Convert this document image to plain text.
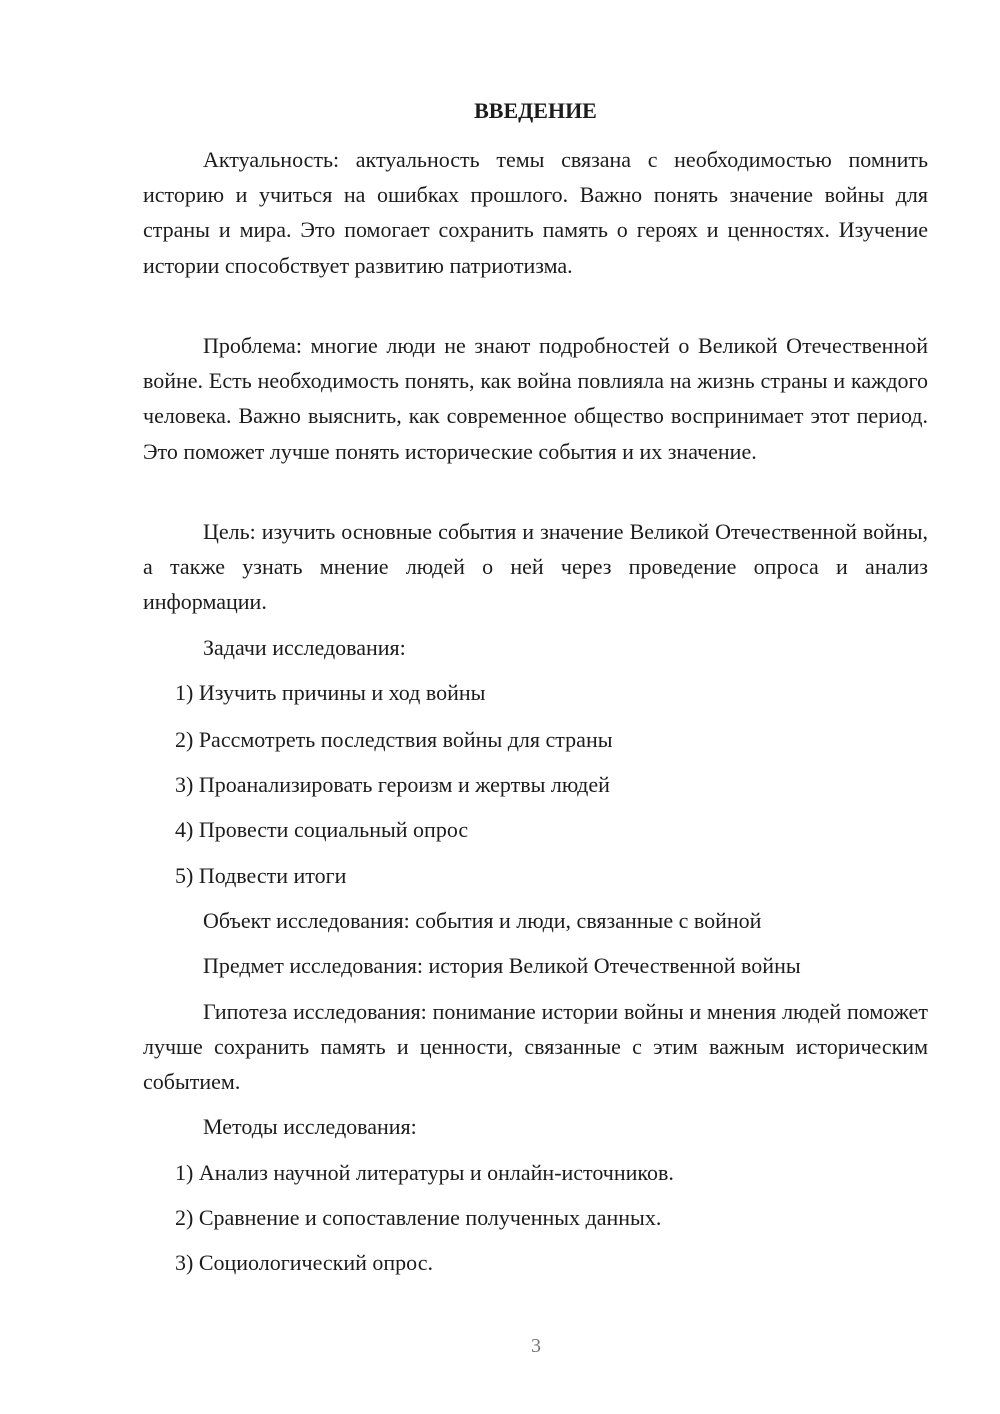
ВВЕДЕНИЕ

Актуальность: актуальность темы связана с необходимостью помнить историю и учиться на ошибках прошлого. Важно понять значение войны для страны и мира. Это помогает сохранить память о героях и ценностях. Изучение истории способствует развитию патриотизма.

Проблема: многие люди не знают подробностей о Великой Отечественной войне. Есть необходимость понять, как война повлияла на жизнь страны и каждого человека. Важно выяснить, как современное общество воспринимает этот период. Это поможет лучше понять исторические события и их значение.

Цель: изучить основные события и значение Великой Отечественной войны, а также узнать мнение людей о ней через проведение опроса и анализ информации.

Задачи исследования:

1) Изучить причины и ход войны

2) Рассмотреть последствия войны для страны

3) Проанализировать героизм и жертвы людей

4) Провести социальный опрос

5) Подвести итоги

Объект исследования: события и люди, связанные с войной

Предмет исследования: история Великой Отечественной войны

Гипотеза исследования: понимание истории войны и мнения людей поможет лучше сохранить память и ценности, связанные с этим важным историческим событием.

Методы исследования:

1) Анализ научной литературы и онлайн-источников.

2) Сравнение и сопоставление полученных данных.

3) Социологический опрос.

3
